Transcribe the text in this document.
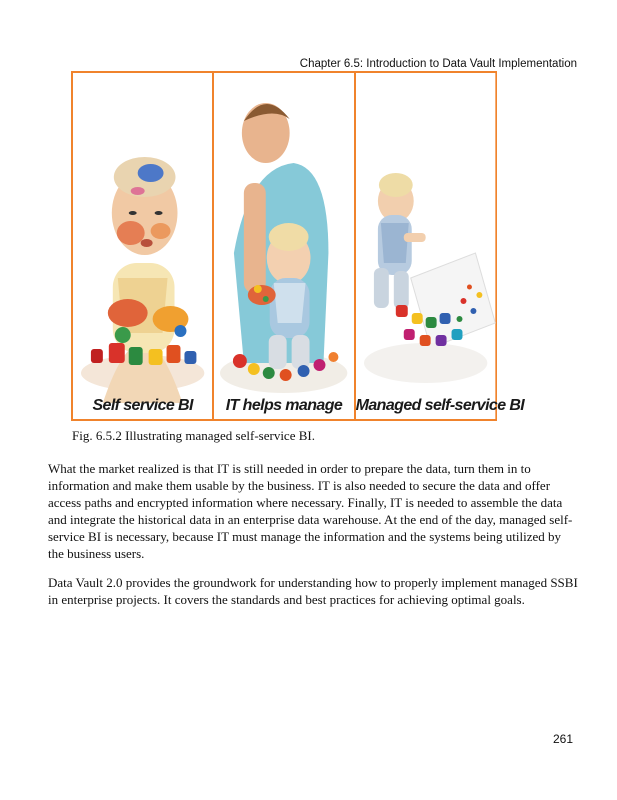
Chapter 6.5: Introduction to Data Vault Implementation
Self service BI	IT helps manage Managed self-service BI
Fig. 6.5.2 Illustrating managed self-service BI.
What the market realized is that IT is still needed in order to prepare the data, turn them in to information and make them usable by the business. IT is also needed to secure the data and offer access paths and encrypted information where necessary. Finally, IT is needed to assemble the data and integrate the historical data in an enterprise data warehouse. At the end of the day, managed self-service BI is necessary, because IT must manage the information and the systems being utilized by the business users.
Data Vault 2.0 provides the groundwork for understanding how to properly implement managed SSBI in enterprise projects. It covers the standards and best practices for achieving optimal goals.
261
